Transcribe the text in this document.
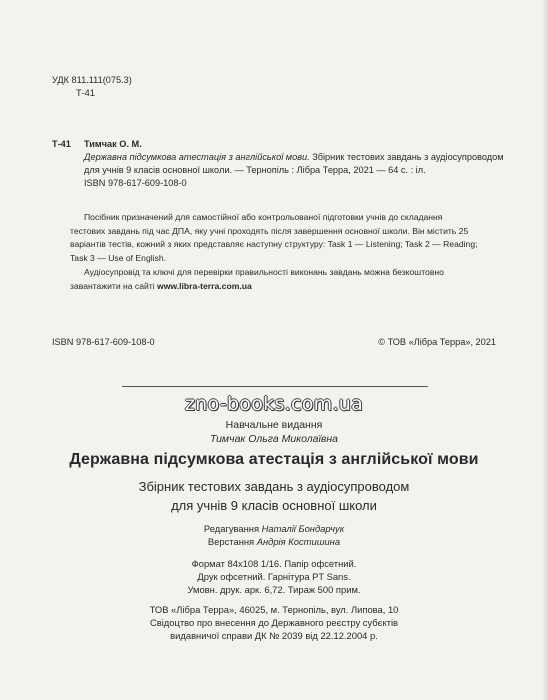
УДК 811.111(075.3)
Т-41
Т-41 Тимчак О. М.
Державна підсумкова атестація з англійської мови. Збірник тестових завдань з аудіосупроводом
для учнів 9 класів основної школи. — Тернопіль : Лібра Терра, 2021 — 64 с. : іл.
ISBN 978-617-609-108-0
Посібник призначений для самостійної або контрольованої підготовки учнів до складання
тестових завдань під час ДПА, яку учні проходять після завершення основної школи. Він містить 25
варіантів тестів, кожний з яких представляє наступну структуру: Task 1 — Listening; Task 2 — Reading;
Task 3 — Use of English.
Аудіосупровід та ключі для перевірки правильності виконань завдань можна безкоштовно
завантажити на сайті www.libra-terra.com.ua
ISBN 978-617-609-108-0	© ТОВ «Лібра Терра», 2021
zno-books.com.ua
Навчальне видання
Тимчак Ольга Миколаївна
Державна підсумкова атестація з англійської мови
Збірник тестових завдань з аудіосупроводом
для учнів 9 класів основної школи
Редагування Наталії Бондарчук
Верстання Андрія Костишина
Формат 84x108 1/16. Папір офсетний.
Друк офсетний. Гарнітура PT Sans.
Умовн. друк. арк. 6,72. Тираж 500 прим.
ТОВ «Лібра Терра», 46025, м. Тернопіль, вул. Липова, 10
Свідоцтво про внесення до Державного реєстру субєктів
видавничої справи ДК № 2039 від 22.12.2004 р.
